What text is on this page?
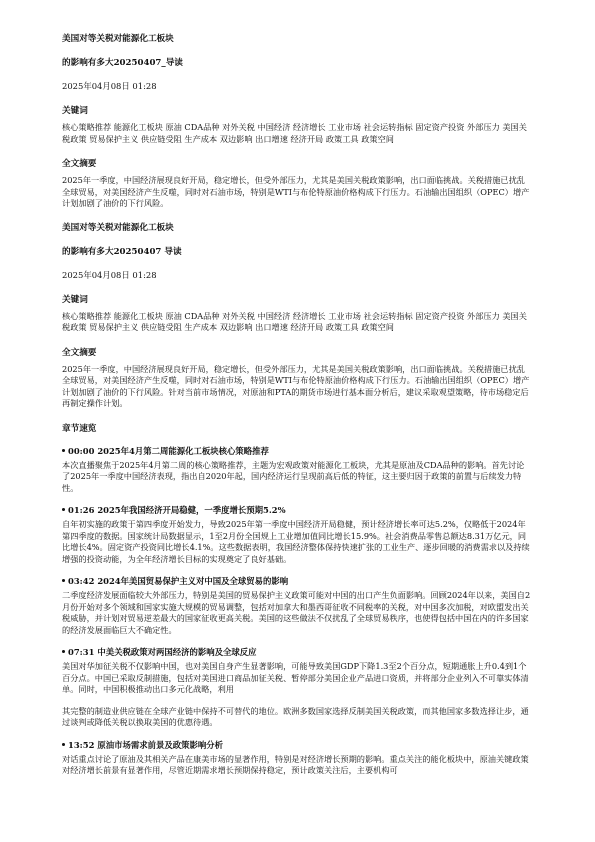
美国对等关税对能源化工板块
的影响有多大20250407_导读
2025年04月08日 01:28
关键词
核心策略推荐 能源化工板块 原油 CDA品种 对外关税 中国经济 经济增长 工业市场 社会运转指标 固定资产投资 外部压力 美国关税政策 贸易保护主义 供应链受阻 生产成本 双边影响 出口增速 经济开局 政策工具 政策空间
全文摘要
2025年一季度，中国经济展现良好开局，稳定增长，但受外部压力，尤其是美国关税政策影响，出口面临挑战。关税措施已扰乱全球贸易，对美国经济产生反噬，同时对石油市场，特别是WTI与布伦特原油价格构成下行压力。石油输出国组织（OPEC）增产计划加剧了油价的下行风险。
美国对等关税对能源化工板块
的影响有多大20250407 导读
2025年04月08日 01:28
关键词
核心策略推荐 能源化工板块 原油 CDA品种 对外关税 中国经济 经济增长 工业市场 社会运转指标 固定资产投资 外部压力 美国关税政策 贸易保护主义 供应链受阻 生产成本 双边影响 出口增速 经济开局 政策工具 政策空间
全文摘要
2025年一季度，中国经济展现良好开局，稳定增长，但受外部压力，尤其是美国关税政策影响，出口面临挑战。关税措施已扰乱全球贸易，对美国经济产生反噬，同时对石油市场，特别是WTI与布伦特原油价格构成下行压力。石油输出国组织（OPEC）增产计划加剧了油价的下行风险。针对当前市场情况，对原油和PTA的期货市场进行基本面分析后，建议采取观望策略，待市场稳定后再制定操作计划。
章节速览
00:00 2025年4月第二周能源化工板块核心策略推荐
本次直播聚焦于2025年4月第二周的核心策略推荐，主题为宏观政策对能源化工板块，尤其是原油及CDA品种的影响。首先讨论了2025年一季度中国经济表现，指出自2020年起，国内经济运行呈现前高后低的特征，这主要归因于政策的前置与后续发力特性。
01:26 2025年我国经济开局稳健，一季度增长预期5.2%
自年初实施的政策于第四季度开始发力，导致2025年第一季度中国经济开局稳健，预计经济增长率可达5.2%，仅略低于2024年第四季度的数据。国家统计局数据显示，1至2月份全国规上工业增加值同比增长15.9%。社会消费品零售总额达8.31万亿元，同比增长4%。固定资产投资同比增长4.1%。这些数据表明，我国经济整体保持快速扩张的工业生产、逐步回暖的消费需求以及持续增强的投资动能，为全年经济增长目标的实现奠定了良好基础。
03:42 2024年美国贸易保护主义对中国及全球贸易的影响
二季度经济发展面临较大外部压力，特别是美国的贸易保护主义政策可能对中国的出口产生负面影响。回顾2024年以来，美国自2月份开始对多个领域和国家实施大规模的贸易调整，包括对加拿大和墨西哥征收不同税率的关税，对中国多次加税，对欧盟发出关税威胁，并计划对贸易逆差最大的国家征收更高关税。美国的这些做法不仅扰乱了全球贸易秩序，也使得包括中国在内的许多国家的经济发展面临巨大不确定性。
07:31 中美关税政策对两国经济的影响及全球反应
美国对华加征关税不仅影响中国，也对美国自身产生显著影响，可能导致美国GDP下降1.3至2个百分点，短期通胀上升0.4到1个百分点。中国已采取反制措施，包括对美国进口商品加征关税、暂停部分美国企业产品进口资质，并将部分企业列入不可靠实体清单。同时，中国积极推动出口多元化战略，利用
其完整的制造业供应链在全球产业链中保持不可替代的地位。欧洲多数国家选择反制美国关税政策，而其他国家多数选择让步，通过谈判或降低关税以换取美国的优惠待遇。
13:52 原油市场需求前景及政策影响分析
对话重点讨论了原油及其相关产品在康美市场的显著作用，特别是对经济增长预期的影响。重点关注的能化板块中，原油关键政策对经济增长前景有显著作用，尽管近期需求增长预期保持稳定，预计政策关注后，主要机构可
